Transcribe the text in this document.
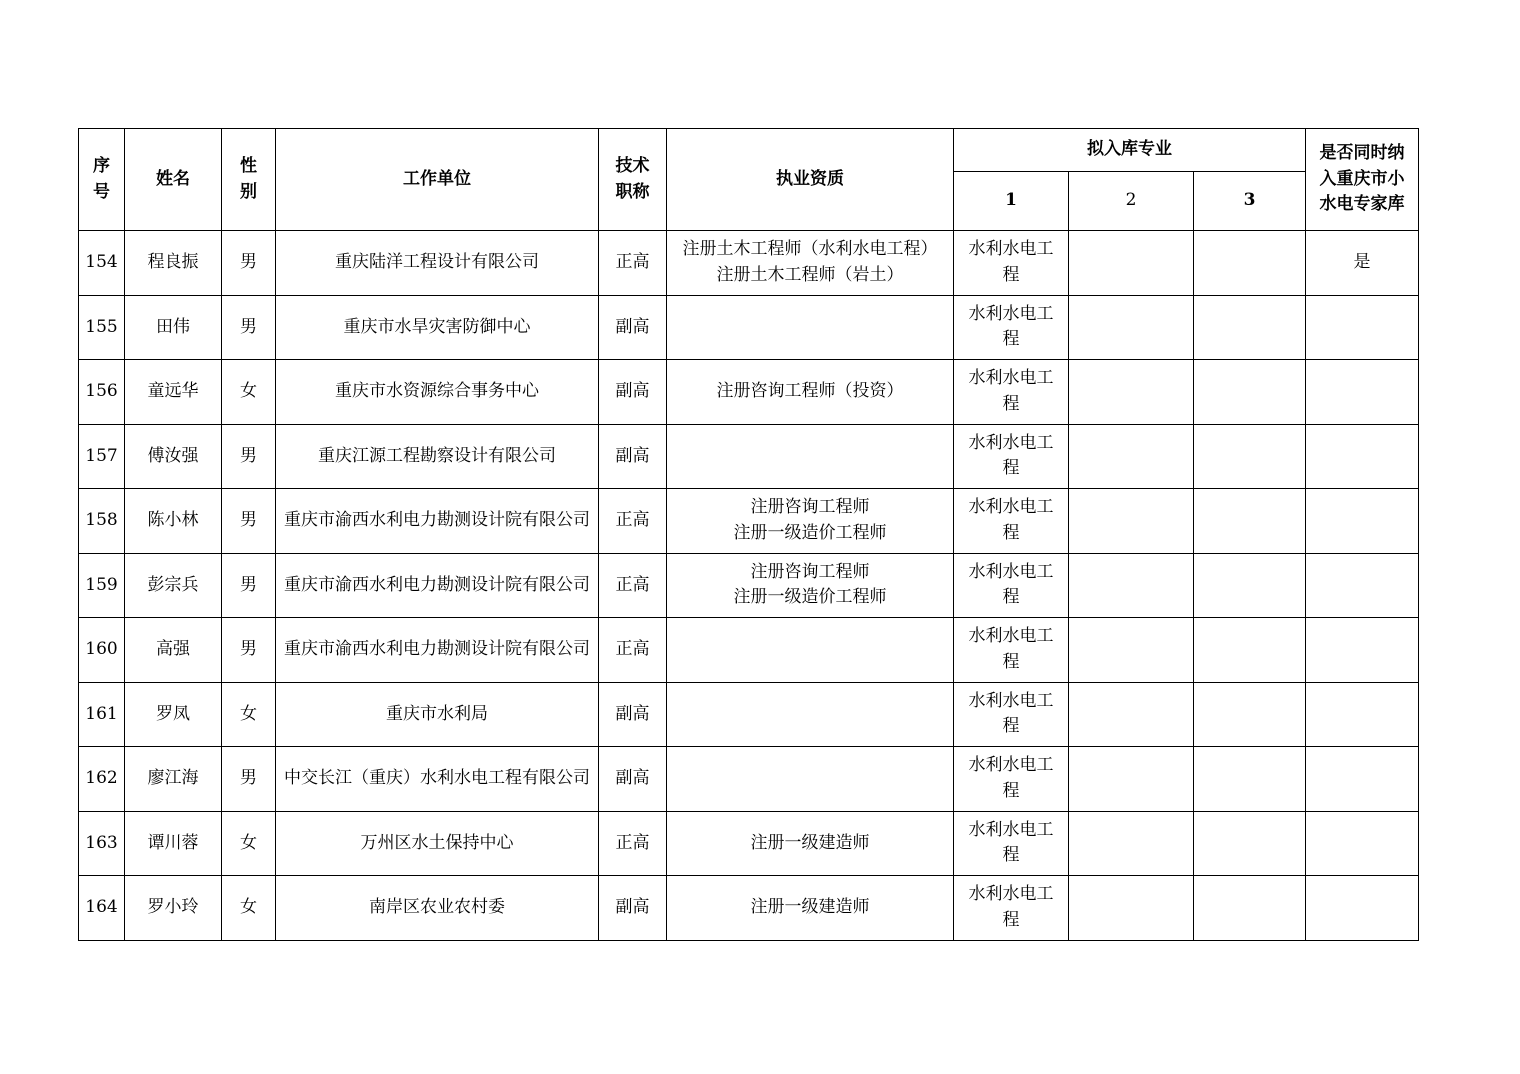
序
号	姓名	性
别	工作单位	技术
职称	执业资质	拟入库专业			是否同时纳
入重庆市小
水电专家库
						1	2	3	
154	程良振	男	重庆陆洋工程设计有限公司	正高	注册土木工程师（水利水电工程）
注册土木工程师（岩土）	水利水电工
程			是
155	田伟	男	重庆市水旱灾害防御中心	副高		水利水电工
程			
156	童远华	女	重庆市水资源综合事务中心	副高	注册咨询工程师（投资）	水利水电工
程			
157	傅汝强	男	重庆江源工程勘察设计有限公司	副高		水利水电工
程			
158	陈小林	男	重庆市渝西水利电力勘测设计院有限公司	正高	注册咨询工程师
注册一级造价工程师	水利水电工
程			
159	彭宗兵	男	重庆市渝西水利电力勘测设计院有限公司	正高	注册咨询工程师
注册一级造价工程师	水利水电工
程			
160	高强	男	重庆市渝西水利电力勘测设计院有限公司	正高		水利水电工
程			
161	罗凤	女	重庆市水利局	副高		水利水电工
程			
162	廖江海	男	中交长江（重庆）水利水电工程有限公司	副高		水利水电工
程			
163	谭川蓉	女	万州区水土保持中心	正高	注册一级建造师	水利水电工
程			
164	罗小玲	女	南岸区农业农村委	副高	注册一级建造师	水利水电工
程			
